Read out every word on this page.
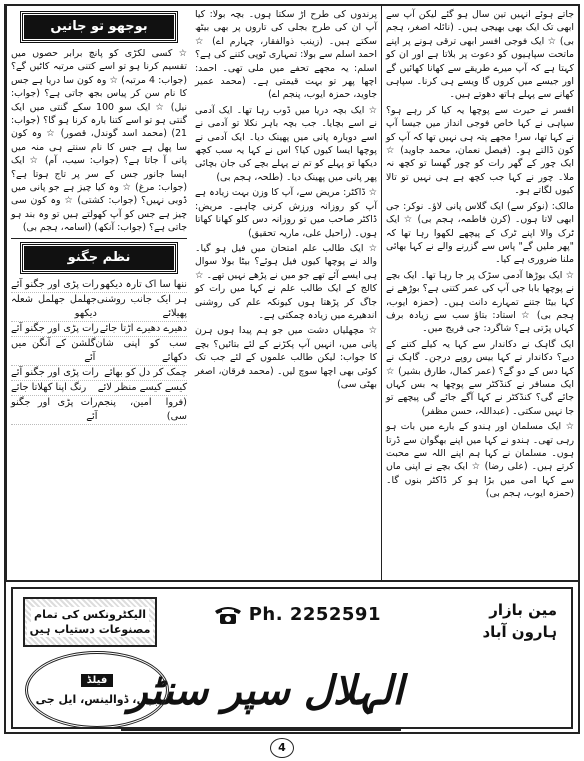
جاتے ہوئے انہیں تین سال ہو گئے لیکن آپ سے ابھی تک ایک بھی بھیجی ہیں۔ (نائلہ اصغر، ہجم بی) ☆ ایک فوجی افسر ابھی ترقی ہونے پر اپنے ماتحت سپاہیوں کو دعوت پر بلاتا ہے اور ان کو کہتا ہے کہ آپ میرے طریقے سے کھانا کھائیں گے اور جیسے میں کروں گا ویسے ہی کرنا۔ سپاہی کھانے سے پہلے ہاتھ دھوتے ہیں۔

افسر نے حیرت سے پوچھا یہ کیا کر رہے ہو؟ سپاہی نے کہا خاص فوجی انداز میں جیسا آپ نے کہا تھا، سر! مجھے پتہ ہی نہیں تھا کہ آپ کو کون ڈالتے ہو۔ (فیصل نعمان، محمد جاوید) ☆ ایک چور کے گھر رات کو چور گھسا تو کچھ نہ ملا۔ چور نے کہا جب کچھ ہے ہی نہیں تو تالا کیوں لگاتے ہو۔

مالک: (نوکر سے) ایک گلاس پانی لاؤ۔ نوکر: جی ابھی لاتا ہوں۔ (کرن فاطمہ، ہجم بی) ☆ ایک ٹرک والا اپنے ٹرک کے پیچھے لکھوا رہا تھا کہ "پھر ملیں گے" پاس سے گزرنے والے نے کہا بھائی ملنا ضروری ہے کیا۔

☆ ایک بوڑھا آدمی سڑک پر جا رہا تھا۔ ایک بچے نے پوچھا بابا جی آپ کی عمر کتنی ہے؟ بوڑھے نے کہا بیٹا جتنے تمہارے دانت ہیں۔ (حمزہ ایوب، ہجم بی) ☆ استاد: بتاؤ سب سے زیادہ برف کہاں پڑتی ہے؟ شاگرد: جی فریج میں۔

ایک گاہک نے دکاندار سے کہا یہ کیلے کتنے کے دیے؟ دکاندار نے کہا بیس روپے درجن۔ گاہک نے کہا دس کے دو گے؟ (عمر کمال، طارق بشیر) ☆ ایک مسافر نے کنڈکٹر سے پوچھا یہ بس کہاں جائے گی؟ کنڈکٹر نے کہا آگے جائے گی پیچھے تو جا نہیں سکتی۔ (عبداللہ، حسن مظفر)

☆ ایک مسلمان اور ہندو کے بارے میں بات ہو رہی تھی۔ ہندو نے کہا میں اپنے بھگوان سے ڈرتا ہوں۔ مسلمان نے کہا ہم اپنے اللہ سے محبت کرتے ہیں۔ (علی رضا) ☆ ایک بچے نے اپنی ماں سے کہا امی میں بڑا ہو کر ڈاکٹر بنوں گا۔ (حمزہ ایوب، ہجم بی)

پرندوں کی طرح اڑ سکتا ہوں۔ بچہ بولا: کیا آپ ان کی طرح بجلی کی تاروں پر بھی بیٹھ سکتے ہیں۔ (زینب ذوالفقار، چہارم اے) ☆ احمد اسلم سے بولا: تمہاری ٹوپی کتنے کی ہے؟ اسلم: یہ مجھے تحفے میں ملی تھی۔ احمد: اچھا پھر تو بہت قیمتی ہے۔ (محمد عمیر جاوید، حمزہ ایوب، پنجم اے)

☆ ایک بچہ دریا میں ڈوب رہا تھا۔ ایک آدمی نے اسے بچایا۔ جب بچہ باہر نکلا تو آدمی نے اسے دوبارہ پانی میں پھینک دیا۔ ایک آدمی نے پوچھا ایسا کیوں کیا؟ اس نے کہا یہ سب کچھ دیکھا تو پہلے کو تم نے پہلے بچے کی جان بچائی پھر پانی میں پھینک دیا۔ (طلحہ، ہجم بی)

☆ ڈاکٹر: مریض سے، آپ کا وزن بہت زیادہ ہے آپ کو روزانہ ورزش کرنی چاہیے۔ مریض: ڈاکٹر صاحب میں تو روزانہ دس کلو کھانا کھاتا ہوں۔ (راحیل علی، ماریہ تحقیق)

☆ ایک طالب علم امتحان میں فیل ہو گیا۔ والد نے پوچھا کیوں فیل ہوئے؟ بیٹا بولا سوال ہی ایسے آئے تھے جو میں نے پڑھے نہیں تھے۔ ☆ کالج کے ایک طالب علم نے کہا میں رات کو جاگ کر پڑھتا ہوں کیونکہ علم کی روشنی اندھیرے میں زیادہ چمکتی ہے۔

☆ مچھلیاں دشت میں جو ہم پیدا ہوں ہرن پانی میں، انہیں آپ پکڑنے کے لئے بتائیں؟ بچے کا جواب: لیکن طالب علموں کے لئے جب تک کوئی بھی اچھا سوچ لیں۔ (محمد فرقان، اصغر بھٹی سی)

بوجھو تو جانیں

☆ کسی لکڑی کو پانچ برابر حصوں میں تقسیم کرنا ہو تو اسے کتنی مرتبہ کاٹیں گے؟ (جواب: 4 مرتبہ) ☆ وہ کون سا دریا ہے جس کا نام سن کر پیاس بجھ جاتی ہے؟ (جواب: نیل) ☆ ایک سو 100 سکے گنتی میں ایک گنتی ہو تو اسے کتنا بارہ کرنا ہو گا؟ (جواب: 21) (محمد اسد گوندل، قصور) ☆ وہ کون سا پھل ہے جس کا نام سنتے ہی منہ میں پانی آ جاتا ہے؟ (جواب: سیب، آم) ☆ ایک ایسا جانور جس کے سر پر تاج ہوتا ہے؟ (جواب: مرغ) ☆ وہ کیا چیز ہے جو پانی میں ڈوبی نہیں؟ (جواب: کشتی) ☆ وہ کون سی چیز ہے جس کو آپ کھولتے ہیں تو وہ بند ہو جاتی ہے؟ (جواب: آنکھ) (اسامہ، ہجم بی)

نظم جگنو
ننھا سا اک تارہ دیکھو
رات پڑی اور جگنو آئے
ہر ایک جانب روشنی پھیلائے
جھلمل جھلمل شعلہ دیکھو
دھیرے دھیرے اڑتا جائے
رات پڑی اور جگنو آئے
سب کو اپنی شان دکھائے
گلشن کے آنگن میں آئے
چمک کر دل کو بھائے
رات پڑی اور جگنو آئے
کیسے کیسے منظر لائے
رنگ اپنا کھلاتا جائے
(فروا امین، پنجم سی)
رات پڑی اور جگنو آئے
مین بازار
ہارون آباد
Ph. 2252591
الیکٹرونکس کی تمام
مصنوعات دستیاب ہیں
الہلال سپر سنٹر
فیلڈ
پچل، ڈوالینس، ایل جی
4
